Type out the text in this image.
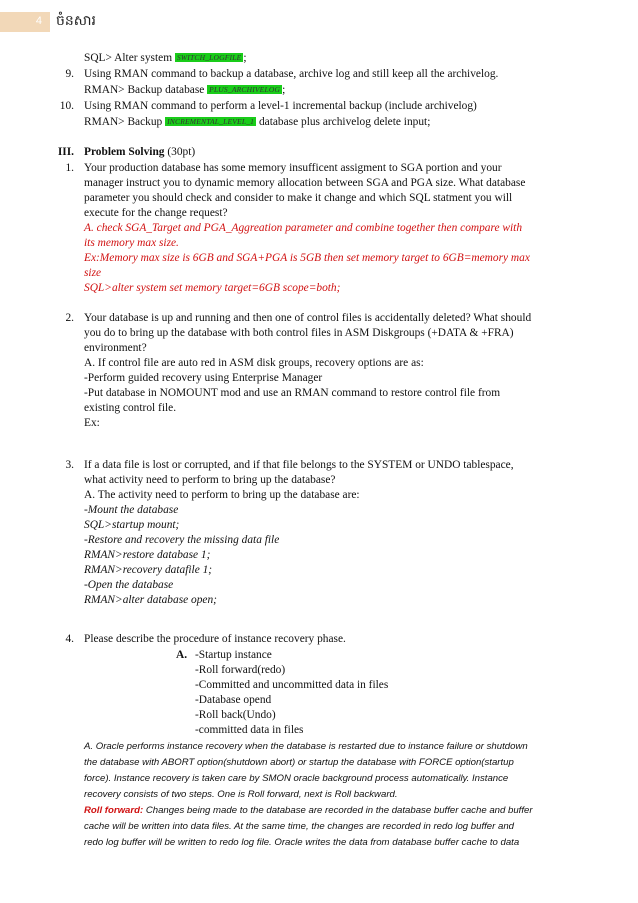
4	ចំនសារ
SQL> Alter system SWITCH_LOGFILE ;
9. Using RMAN command to backup a database, archive log and still keep all the archivelog.
RMAN> Backup database PLUS_ARCHIVELOG ;
10. Using RMAN command to perform a level-1 incremental backup (include archivelog)
RMAN> Backup INCREMENTAL_LEVEL_1 database plus archivelog delete input;
III. Problem Solving (30pt)
1. Your production database has some memory insufficent assigment to SGA portion and your
manager instruct you to dynamic memory allocation between SGA and PGA size. What database
parameter you should check and consider to make it change and which SQL statment you will
execute for the change request?
A. check SGA_Target and PGA_Aggreation parameter and combine together then compare with
its memory max size.
Ex:Memory max size is 6GB and SGA+PGA is 5GB then set memory target to 6GB=memory max
size
SQL>alter system set memory target=6GB scope=both;
2. Your database is up and running and then one of control files is accidentally deleted? What should
you do to bring up the database with both control files in ASM Diskgroups (+DATA & +FRA)
environment?
A. If control file are auto red in ASM disk groups, recovery options are as:
-Perform guided recovery using Enterprise Manager
-Put database in NOMOUNT mod and use an RMAN command to restore control file from
existing control file.
Ex:
3. If a data file is lost or corrupted, and if that file belongs to the SYSTEM or UNDO tablespace,
what activity need to perform to bring up the database?
A. The activity need to perform to bring up the database are:
-Mount the database
SQL>startup mount;
-Restore and recovery the missing data file
RMAN>restore database 1;
RMAN>recovery datafile 1;
-Open the database
RMAN>alter database open;
4. Please describe the procedure of instance recovery phase.
A. -Startup instance
-Roll forward(redo)
-Committed and uncommitted data in files
-Database opend
-Roll back(Undo)
-committed data in files
A. Oracle performs instance recovery when the database is restarted due to instance failure or shutdown
the database with ABORT option(shutdown abort) or startup the database with FORCE option(startup
force). Instance recovery is taken care by SMON oracle background process automatically. Instance
recovery consists of two steps. One is Roll forward, next is Roll backward.
Roll forward: Changes being made to the database are recorded in the database buffer cache and buffer
cache will be written into data files. At the same time, the changes are recorded in redo log buffer and
redo log buffer will be written to redo log file. Oracle writes the data from database buffer cache to data
